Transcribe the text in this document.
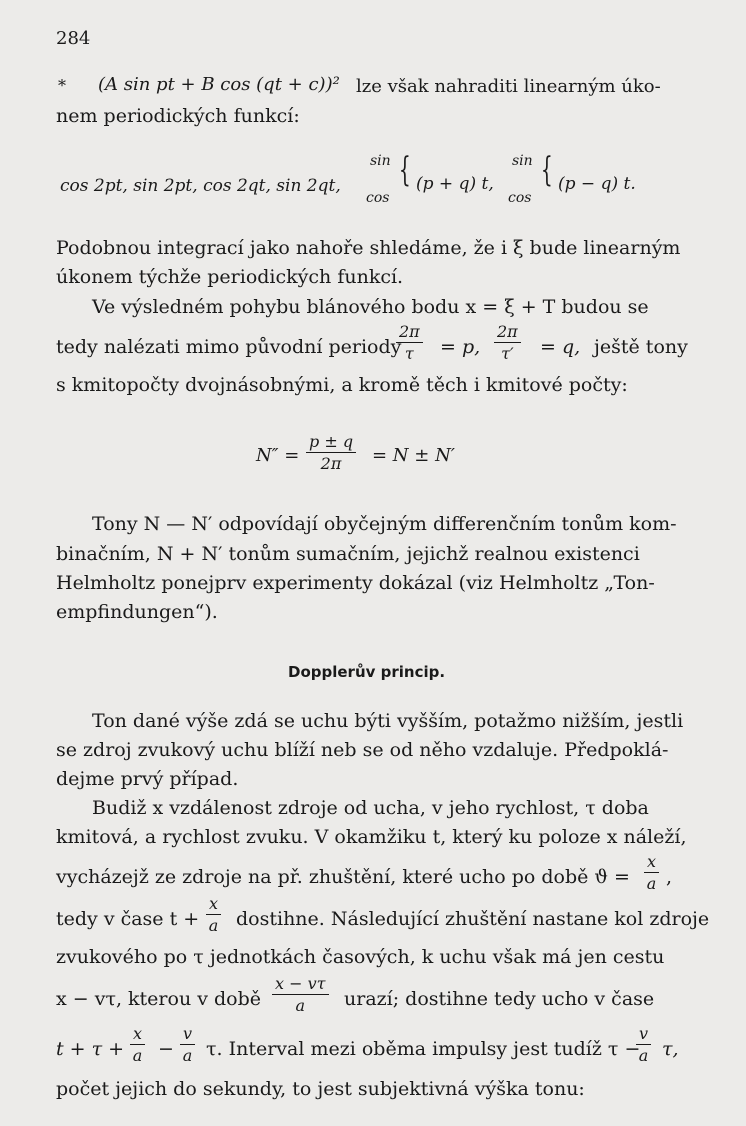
284
* (A sin pt + B cos (qt + c))² lze však nahraditi linearným úko-
nem periodických funkcí:
cos 2pt, sin 2pt, cos 2qt, sin 2qt,
sin
cos
{ (p + q) t,
sin
cos
{ (p − q) t.
Podobnou integrací jako nahoře shledáme, že i ξ bude linearným
úkonem týchže periodických funkcí.
Ve výsledném pohybu blánového bodu x = ξ + T budou se
tedy nalézati mimo původní periody
$\frac{2\pi}{\tau} = p$, $\frac{2\pi}{\tau'} = q$, ještě tony
s kmitopočty dvojnásobnými, a kromě těch i kmitové počty:
$N'' = \frac{p \pm q}{2\pi} = N \pm N'$
Tony N — N′ odpovídají obyčejným differenčním tonům kom-
binačním, N + N′ tonům sumačním, jejichž realnou existenci
Helmholtz ponejprv experimenty dokázal (viz Helmholtz „Ton-
empfindungen“).
Dopplerův princip.
Ton dané výše zdá se uchu býti vyšším, potažmo nižším, jestli
se zdroj zvukový uchu blíží neb se od něho vzdaluje. Předpoklá-
dejme prvý případ.
Budiž x vzdálenost zdroje od ucha, v jeho rychlost, τ doba
kmitová, a rychlost zvuku. V okamžiku t, který ku poloze x náleží,
vycházejž ze zdroje na př. zhuštění, které ucho po době $ϑ = \frac{x}{a}$ ,
tedy v čase $t + \frac{x}{a}$ dostihne. Následující zhuštění nastane kol zdroje
zvukového po τ jednotkách časových, k uchu však má jen cestu
x − vτ, kterou v době $\frac{x - v\tau}{a}$ urazí; dostihne tedy ucho v čase
$t + \tau + \frac{x}{a} - \frac{v}{a} \tau$. Interval mezi oběma impulsy jest tudíž τ −
$\frac{v}{a} \tau$,
počet jejich do sekundy, to jest subjektivná výška tonu:
